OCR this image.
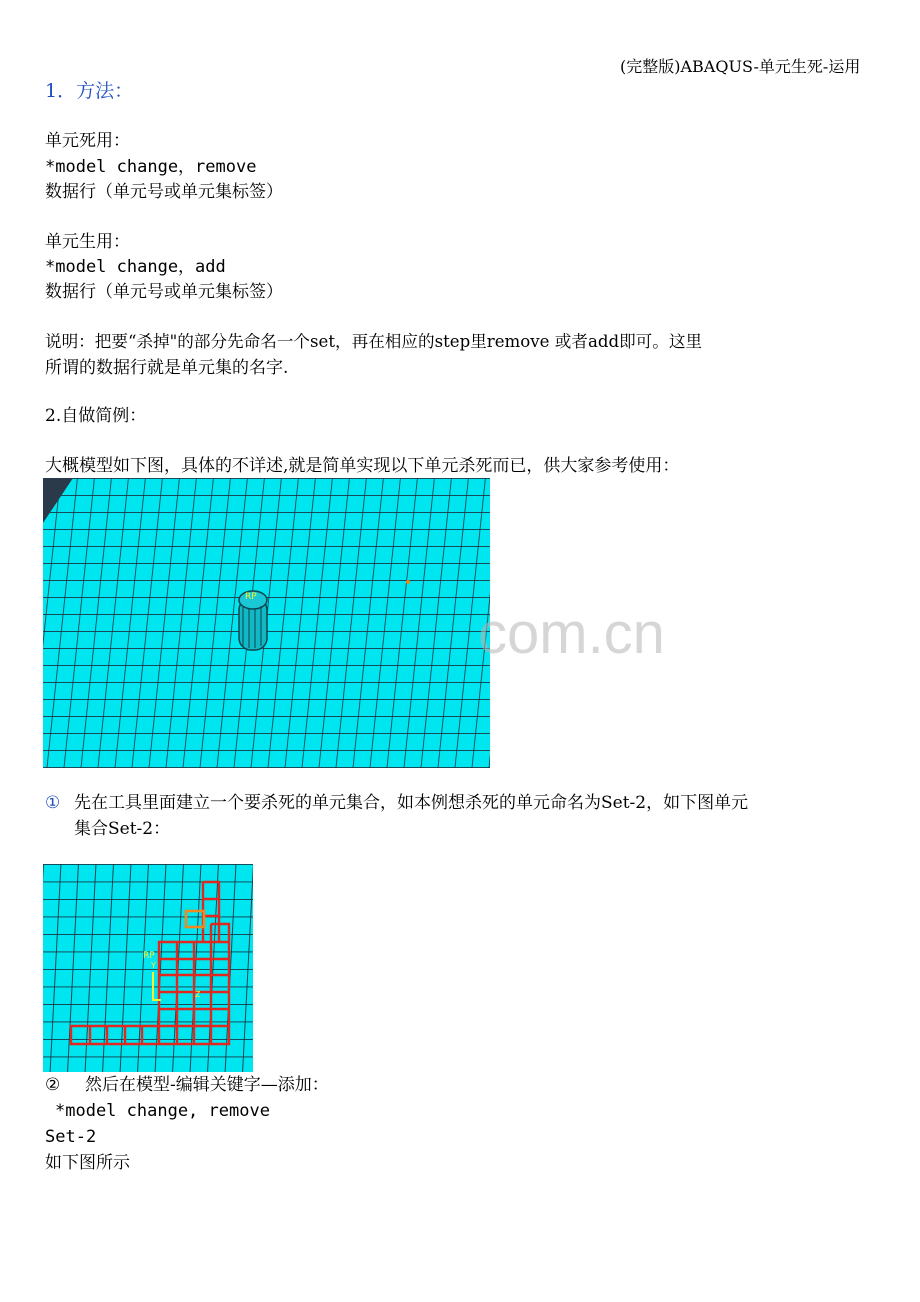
(完整版)ABAQUS-单元生死-运用
1．方法：
单元死用：
*model change，remove
数据行（单元号或单元集标签）
单元生用：
*model change，add
数据行（单元号或单元集标签）
说明：把要“杀掉"的部分先命名一个set，再在相应的step里remove 或者add即可。这里
所谓的数据行就是单元集的名字.
2.自做简例：
大概模型如下图，具体的不详述,就是简单实现以下单元杀死而已，供大家参考使用：
RP
com.cn
① 先在工具里面建立一个要杀死的单元集合，如本例想杀死的单元命名为Set-2，如下图单元
集合Set-2：
RP
Y
Z
② 然后在模型-编辑关键字—添加：
*model change, remove
Set-2
如下图所示
